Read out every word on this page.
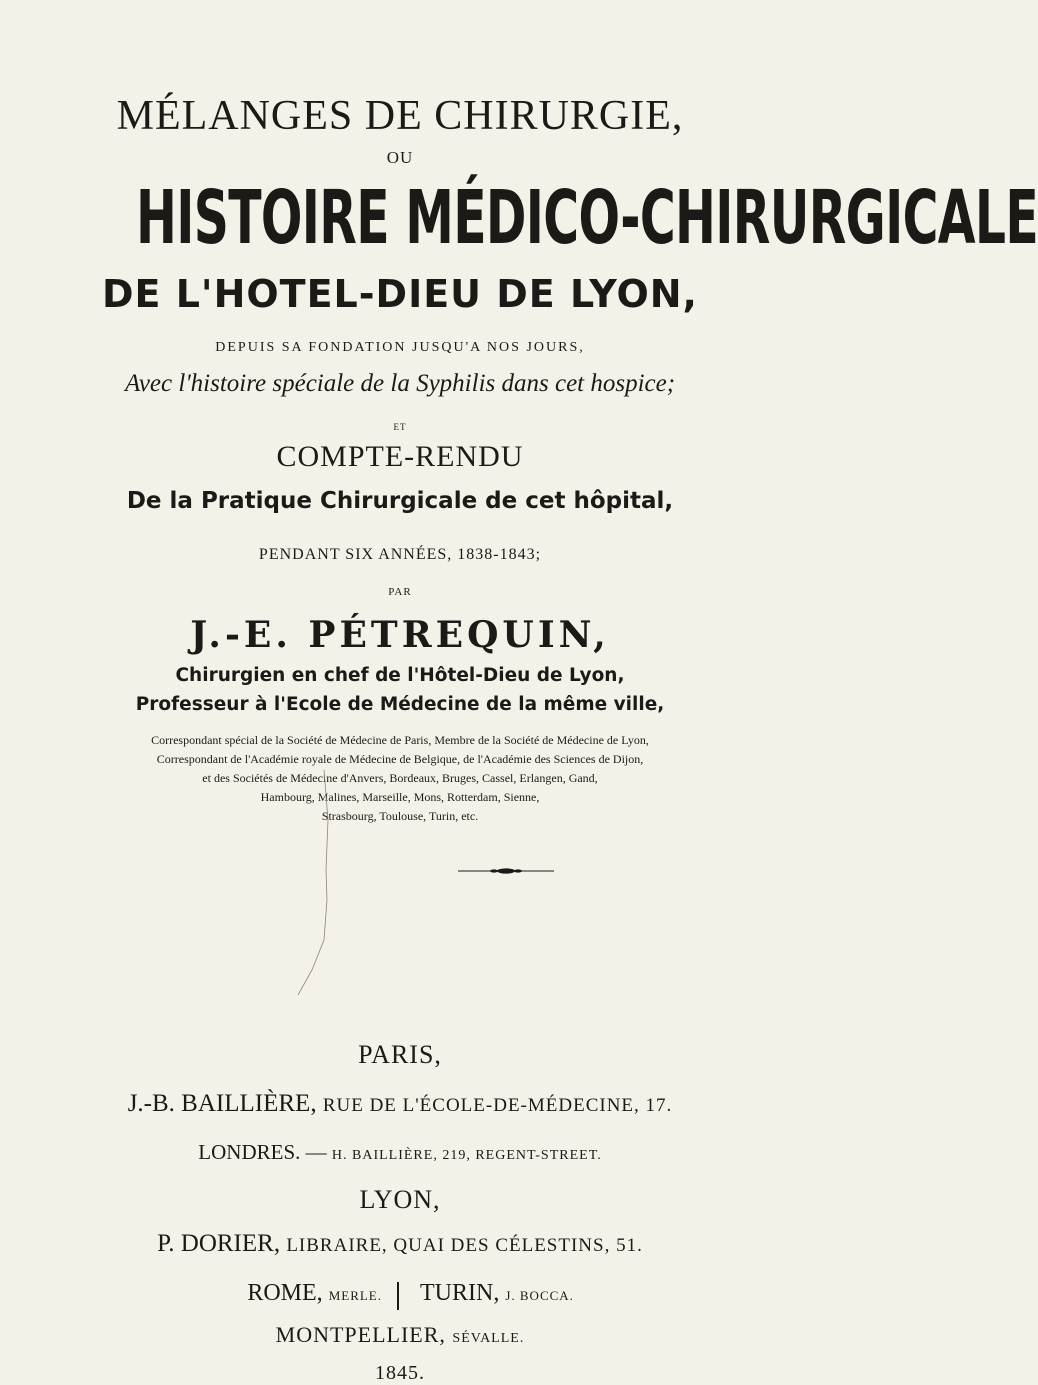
MÉLANGES DE CHIRURGIE,
OU
HISTOIRE MÉDICO-CHIRURGICALE
DE L'HOTEL-DIEU DE LYON,
DEPUIS SA FONDATION JUSQU'A NOS JOURS,
Avec l'histoire spéciale de la Syphilis dans cet hospice;
ET
COMPTE-RENDU
De la Pratique Chirurgicale de cet hôpital,
PENDANT SIX ANNÉES, 1838-1843;
PAR
J.-E. PÉTREQUIN,
Chirurgien en chef de l'Hôtel-Dieu de Lyon,
Professeur à l'Ecole de Médecine de la même ville,
Correspondant spécial de la Société de Médecine de Paris, Membre de la Société de Médecine de Lyon,
Correspondant de l'Académie royale de Médecine de Belgique, de l'Académie des Sciences de Dijon,
et des Sociétés de Médecine d'Anvers, Bordeaux, Bruges, Cassel, Erlangen, Gand,
Hambourg, Malines, Marseille, Mons, Rotterdam, Sienne,
Strasbourg, Toulouse, Turin, etc.
PARIS,
J.-B. BAILLIÈRE, RUE DE L'ÉCOLE-DE-MÉDECINE, 17.
LONDRES. — H. BAILLIÈRE, 219, REGENT-STREET.
LYON,
P. DORIER, LIBRAIRE, QUAI DES CÉLESTINS, 51.
ROME, MERLE. TURIN, J. BOCCA.
MONTPELLIER, SÉVALLE.
1845.
